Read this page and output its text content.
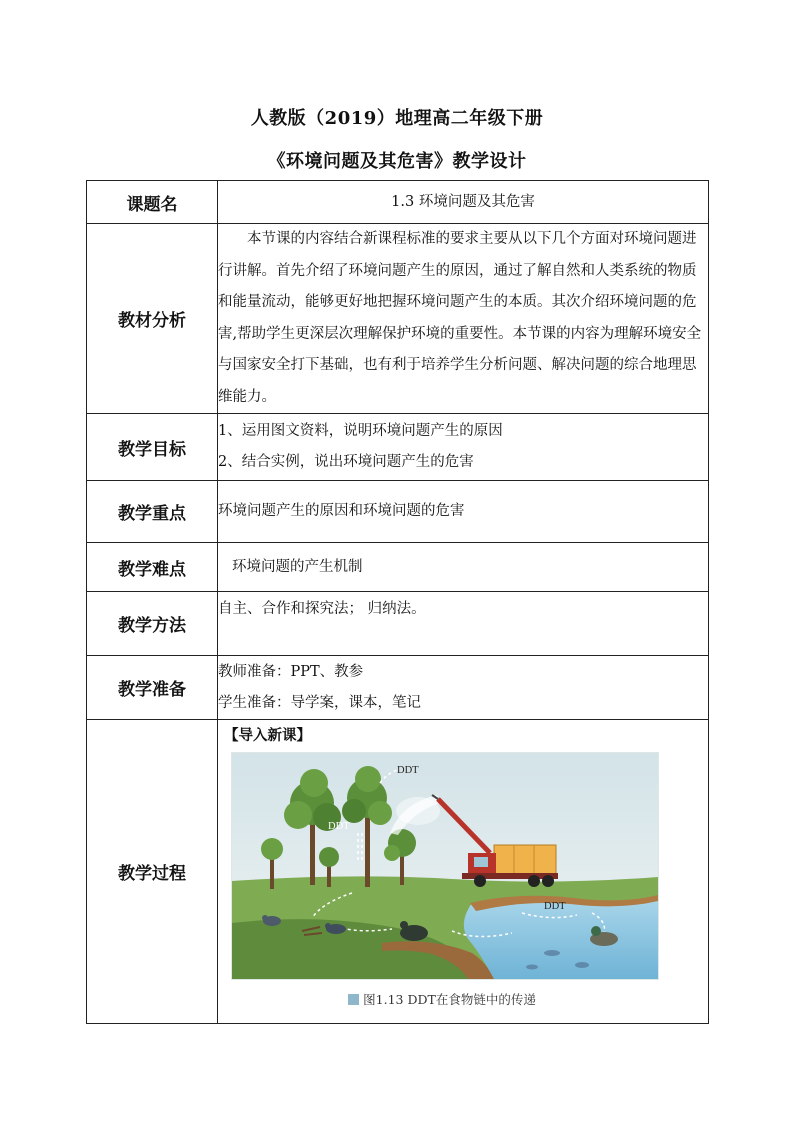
人教版（2019）地理高二年级下册
《环境问题及其危害》教学设计
课题名	1.3 环境问题及其危害
教材分析	本节课的内容结合新课程标准的要求主要从以下几个方面对环境问题进行讲解。首先介绍了环境问题产生的原因，通过了解自然和人类系统的物质和能量流动，能够更好地把握环境问题产生的本质。其次介绍环境问题的危害,帮助学生更深层次理解保护环境的重要性。本节课的内容为理解环境安全与国家安全打下基础，也有利于培养学生分析问题、解决问题的综合地理思维能力。

教学目标	1、运用图文资料，说明环境问题产生的原因

2、结合实例，说出环境问题产生的危害

教学重点	环境问题产生的原因和环境问题的危害
教学难点	环境问题的产生机制
教学方法	自主、合作和探究法； 归纳法。
教学准备	教师准备：PPT、教参

学生准备：导学案，课本，笔记

教学过程	【导入新课】

DDT
DDT
DDT
图1.13 DDT在食物链中的传递
